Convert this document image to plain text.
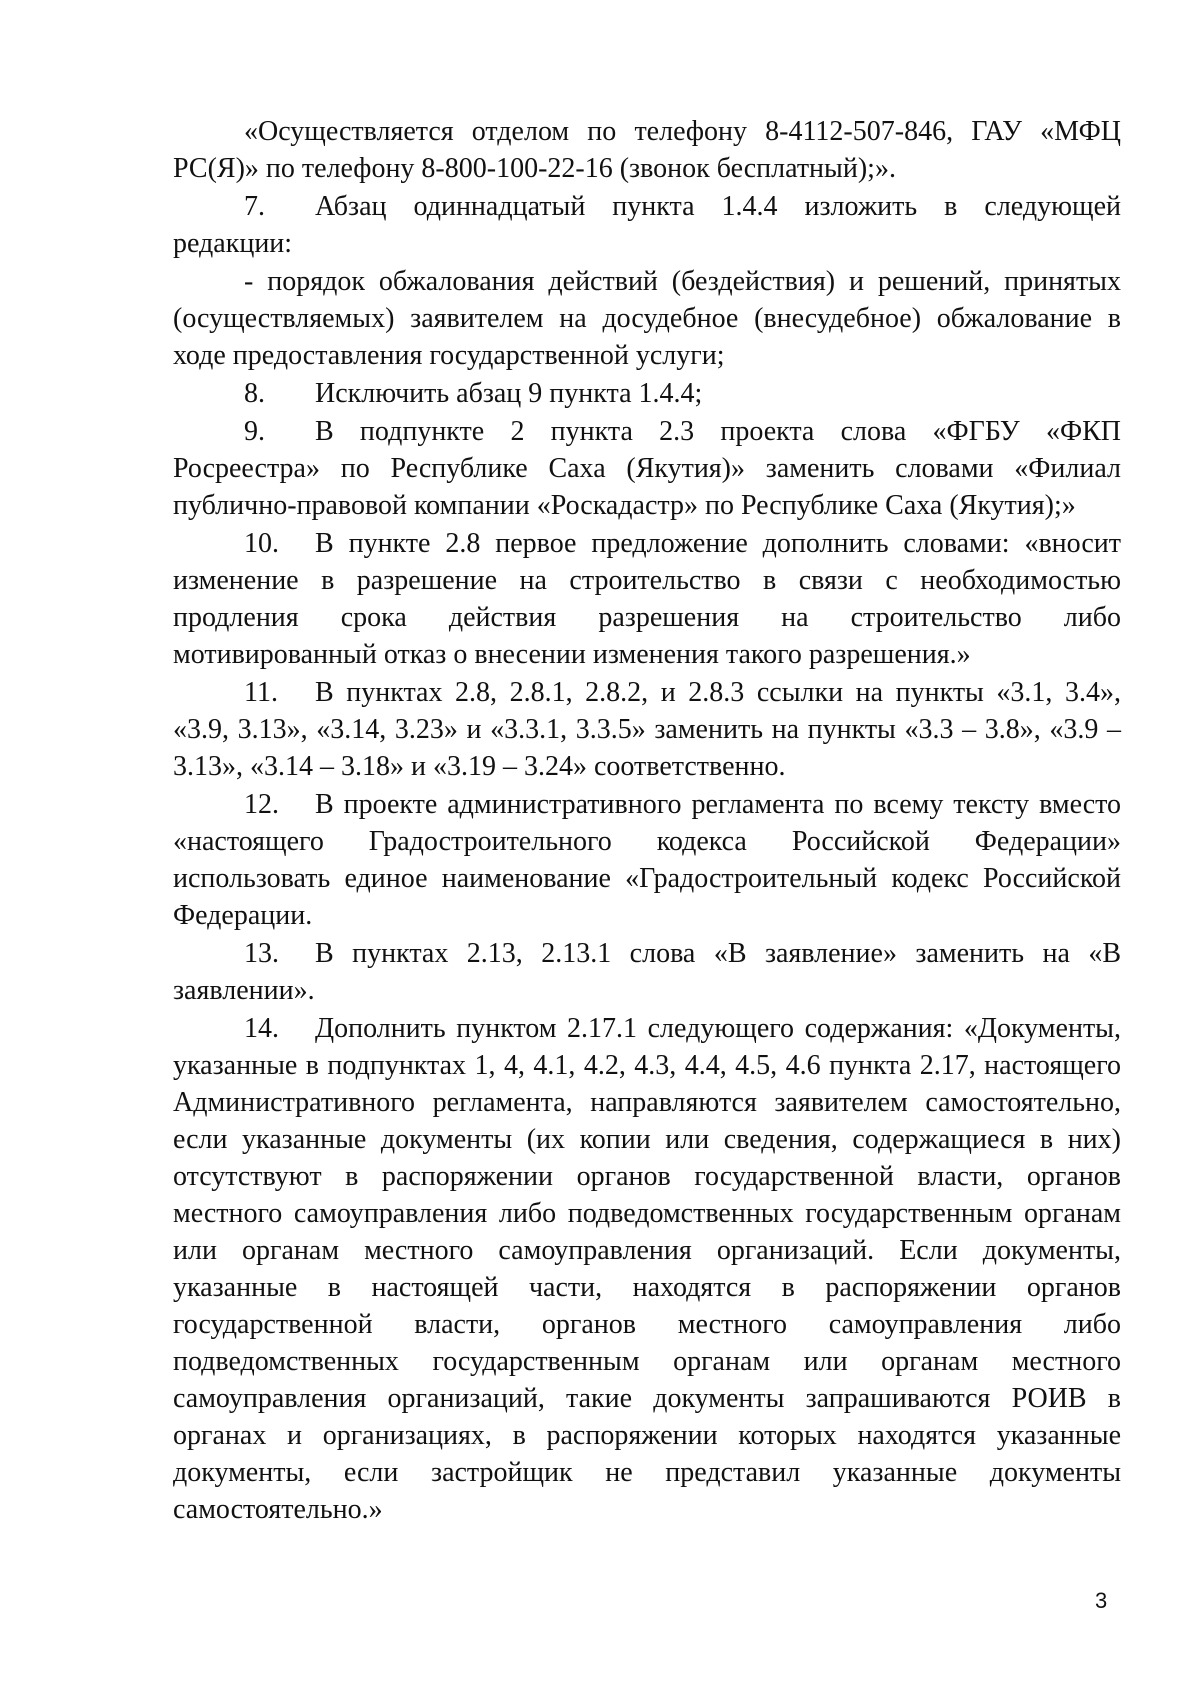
«Осуществляется отделом по телефону 8-4112-507-846, ГАУ «МФЦ РС(Я)» по телефону 8-800-100-22-16 (звонок бесплатный);».

7. Абзац одиннадцатый пункта 1.4.4 изложить в следующей редакции:

- порядок обжалования действий (бездействия) и решений, принятых (осуществляемых) заявителем на досудебное (внесудебное) обжалование в ходе предоставления государственной услуги;

8. Исключить абзац 9 пункта 1.4.4;

9. В подпункте 2 пункта 2.3 проекта слова «ФГБУ «ФКП Росреестра» по Республике Саха (Якутия)» заменить словами «Филиал публично-правовой компании «Роскадастр» по Республике Саха (Якутия);»

10. В пункте 2.8 первое предложение дополнить словами: «вносит изменение в разрешение на строительство в связи с необходимостью продления срока действия разрешения на строительство либо мотивированный отказ о внесении изменения такого разрешения.»

11. В пунктах 2.8, 2.8.1, 2.8.2, и 2.8.3 ссылки на пункты «3.1, 3.4», «3.9, 3.13», «3.14, 3.23» и «3.3.1, 3.3.5» заменить на пункты «3.3 – 3.8», «3.9 – 3.13», «3.14 – 3.18» и «3.19 – 3.24» соответственно.

12. В проекте административного регламента по всему тексту вместо «настоящего Градостроительного кодекса Российской Федерации» использовать единое наименование «Градостроительный кодекс Российской Федерации.

13. В пунктах 2.13, 2.13.1 слова «В заявление» заменить на «В заявлении».

14. Дополнить пунктом 2.17.1 следующего содержания: «Документы, указанные в подпунктах 1, 4, 4.1, 4.2, 4.3, 4.4, 4.5, 4.6 пункта 2.17, настоящего Административного регламента, направляются заявителем самостоятельно, если указанные документы (их копии или сведения, содержащиеся в них) отсутствуют в распоряжении органов государственной власти, органов местного самоуправления либо подведомственных государственным органам или органам местного самоуправления организаций. Если документы, указанные в настоящей части, находятся в распоряжении органов государственной власти, органов местного самоуправления либо подведомственных государственным органам или органам местного самоуправления организаций, такие документы запрашиваются РОИВ в органах и организациях, в распоряжении которых находятся указанные документы, если застройщик не представил указанные документы самостоятельно.»

3
